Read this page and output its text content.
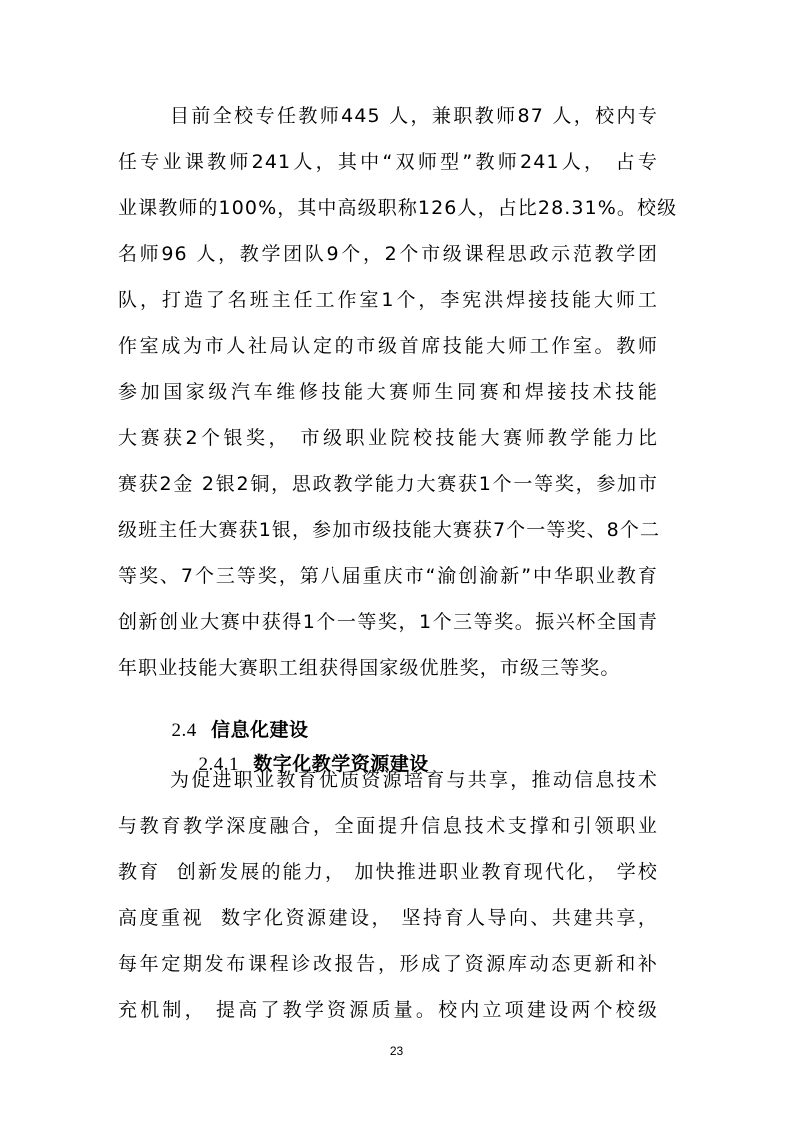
目前全校专任教师445 人，兼职教师87 人，校内专
任专业课教师241人，其中“双师型”教师241人， 占专
业课教师的100%，其中高级职称126人，占比28.31%。校级
名师96 人，教学团队9个，2个市级课程思政示范教学团
队，打造了名班主任工作室1个，李宪洪焊接技能大师工
作室成为市人社局认定的市级首席技能大师工作室。教师
参加国家级汽车维修技能大赛师生同赛和焊接技术技能
大赛获2个银奖， 市级职业院校技能大赛师教学能力比
赛获2金 2银2铜，思政教学能力大赛获1个一等奖，参加市
级班主任大赛获1银，参加市级技能大赛获7个一等奖、8个二
等奖、7个三等奖，第八届重庆市“渝创渝新”中华职业教育
创新创业大赛中获得1个一等奖，1个三等奖。振兴杯全国青
年职业技能大赛职工组获得国家级优胜奖，市级三等奖。

2.4 信息化建设

2.4.1 数字化教学资源建设

为促进职业教育优质资源培育与共享，推动信息技术
与教育教学深度融合，全面提升信息技术支撑和引领职业
教育  创新发展的能力， 加快推进职业教育现代化， 学校
高度重视  数字化资源建设， 坚持育人导向、共建共享，
每年定期发布课程诊改报告，形成了资源库动态更新和补
充机制， 提高了教学资源质量。校内立项建设两个校级
23
